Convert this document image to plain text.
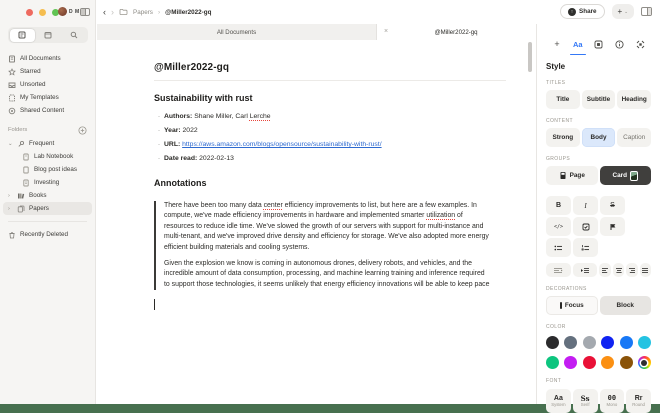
D M
All Documents
Starred
Unsorted
My Templates
Shared Content
Folders
⌄	Frequent
Lab Notebook
Blog post ideas
Investing
›	Books
›	Papers
Recently Deleted
‹ ›	Papers › @Miller2022-gq ↑	Share	+ ⌄
All Documents	×	@Miller2022-gq
@Miller2022-gq
Sustainability with rust
· Authors: Shane Miller, Carl Lerche
· Year: 2022
· URL: https://aws.amazon.com/blogs/opensource/sustainability-with-rust/
· Date read: 2022-02-13
Annotations

There have been too many data center efficiency improvements to list, but here are a few examples. In compute, we've made efficiency improvements in hardware and implemented smarter utilization of resources to reduce idle time. We've slowed the growth of our servers with support for multi-instance and multi-tenant, and we've improved drive density and efficiency for storage. We've also adopted more energy efficient building materials and cooling systems.

Given the explosion we know is coming in autonomous drones, delivery robots, and vehicles, and the incredible amount of data consumption, processing, and machine learning training and inference required to support those technologies, it seems unlikely that energy efficiency innovations will be able to keep pace

+	Aa
Style
TITLES
Title	Subtitle	Heading
CONTENT
Strong	Body	Caption
GROUPS
Page	Card
B	I	S
</>
DECORATIONS
Focus	Block
COLOR
FONT
Aa
System
Ss
Serif
00
Mono
Rr
Round
